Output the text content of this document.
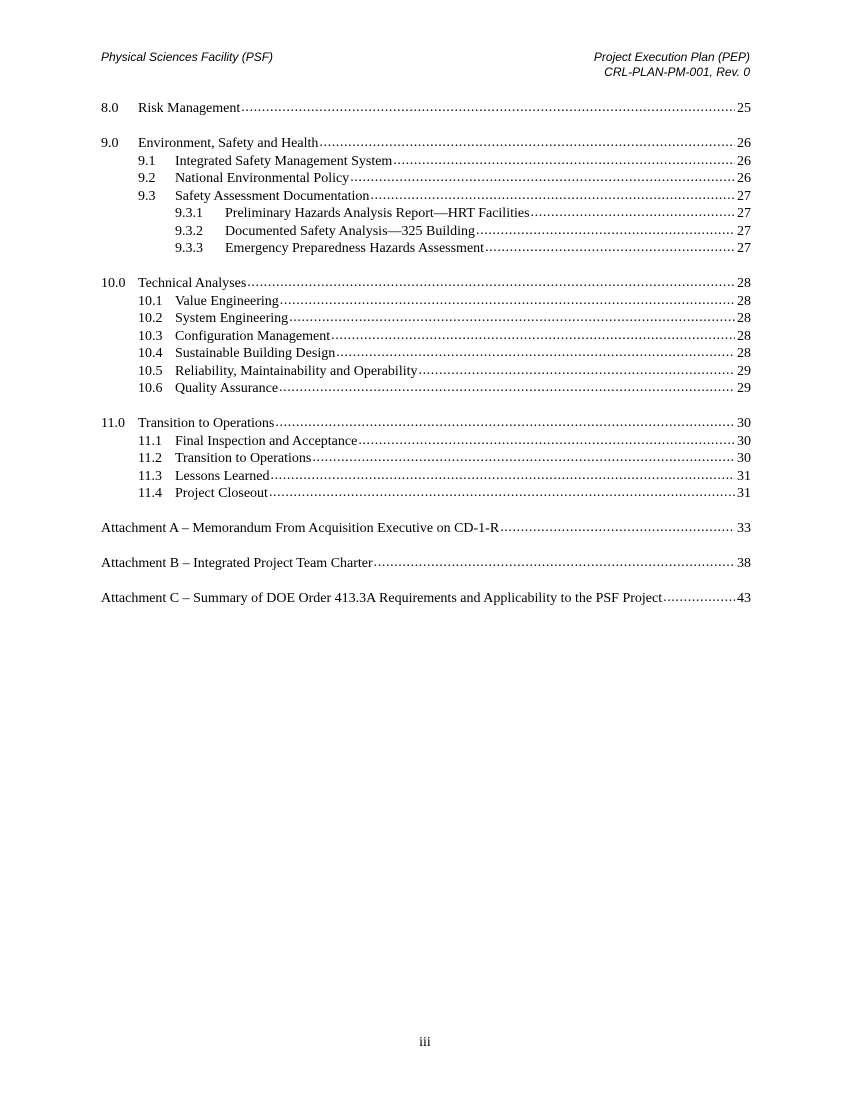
Physical Sciences Facility (PSF)	Project Execution Plan (PEP)
CRL-PLAN-PM-001, Rev. 0
8.0	Risk Management .....	25
9.0	Environment, Safety and Health .....	26
9.1	Integrated Safety Management System .....	26
9.2	National Environmental Policy .....	26
9.3	Safety Assessment Documentation .....	27
9.3.1	Preliminary Hazards Analysis Report—HRT Facilities .....	27
9.3.2	Documented Safety Analysis—325 Building .....	27
9.3.3	Emergency Preparedness Hazards Assessment .....	27
10.0 Technical Analyses .....	28
10.1 Value Engineering .....	28
10.2 System Engineering .....	28
10.3 Configuration Management .....	28
10.4 Sustainable Building Design .....	28
10.5 Reliability, Maintainability and Operability .....	29
10.6 Quality Assurance .....	29
11.0 Transition to Operations .....	30
11.1 Final Inspection and Acceptance .....	30
11.2 Transition to Operations .....	30
11.3 Lessons Learned .....	31
11.4 Project Closeout .....	31
Attachment A – Memorandum From Acquisition Executive on CD-1-R .....	33
Attachment B – Integrated Project Team Charter .....	38
Attachment C – Summary of DOE Order 413.3A Requirements and Applicability to the PSF Project .....	43
iii
